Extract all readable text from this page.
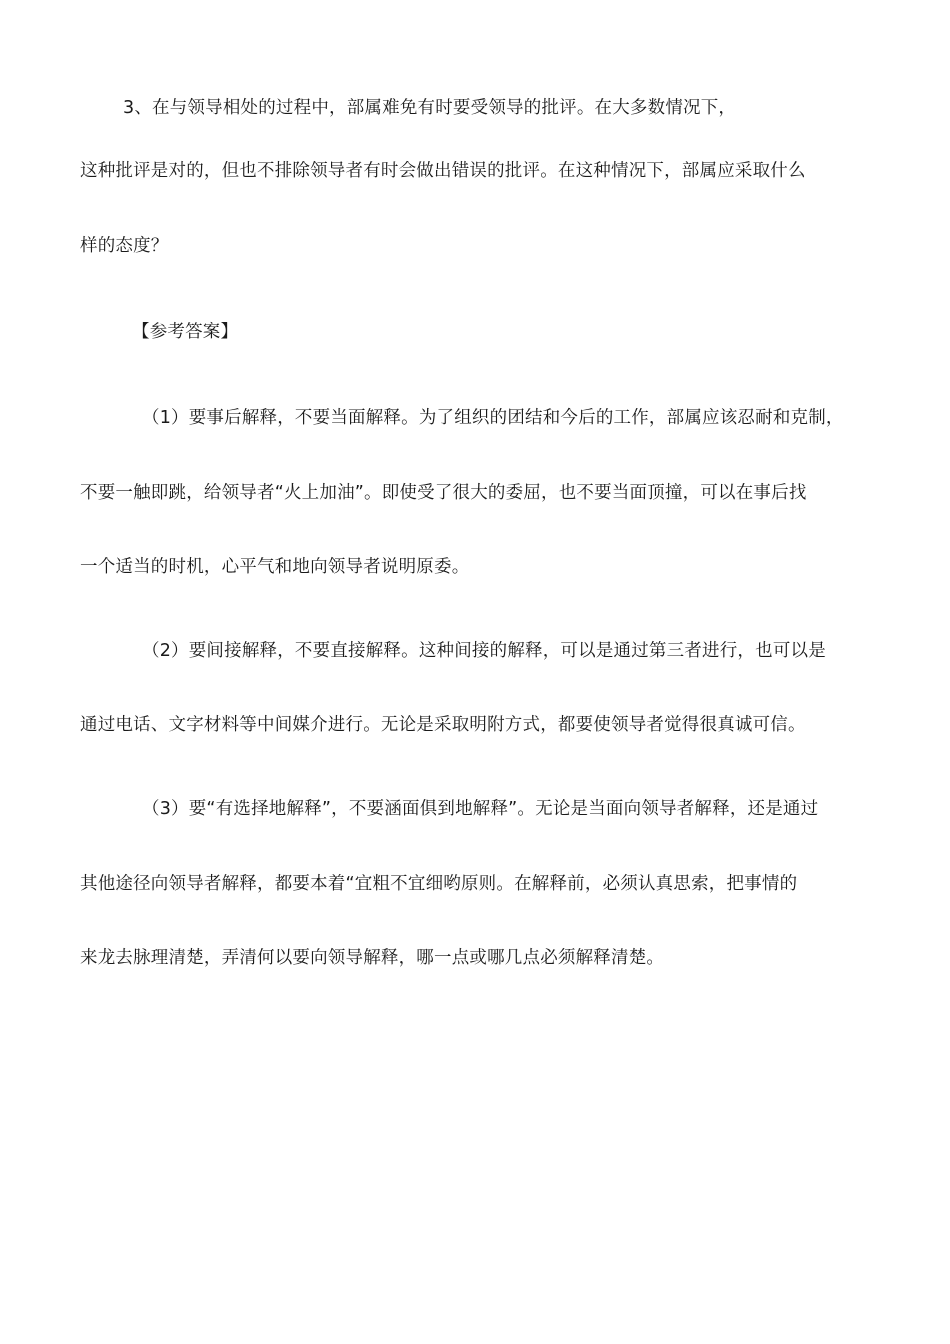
3、在与领导相处的过程中，部属难免有时要受领导的批评。在大多数情况下，
这种批评是对的，但也不排除领导者有时会做出错误的批评。在这种情况下，部属应采取什么
样的态度？
【参考答案】
（1）要事后解释，不要当面解释。为了组织的团结和今后的工作，部属应该忍耐和克制，
不要一触即跳，给领导者“火上加油”。即使受了很大的委屈，也不要当面顶撞，可以在事后找
一个适当的时机，心平气和地向领导者说明原委。
（2）要间接解释，不要直接解释。这种间接的解释，可以是通过第三者进行，也可以是
通过电话、文字材料等中间媒介进行。无论是采取明附方式，都要使领导者觉得很真诚可信。
（3）要“有选择地解释”，不要涵面俱到地解释”。无论是当面向领导者解释，还是通过
其他途径向领导者解释，都要本着“宜粗不宜细哟原则。在解释前，必须认真思索，把事情的
来龙去脉理清楚，弄清何以要向领导解释，哪一点或哪几点必须解释清楚。
